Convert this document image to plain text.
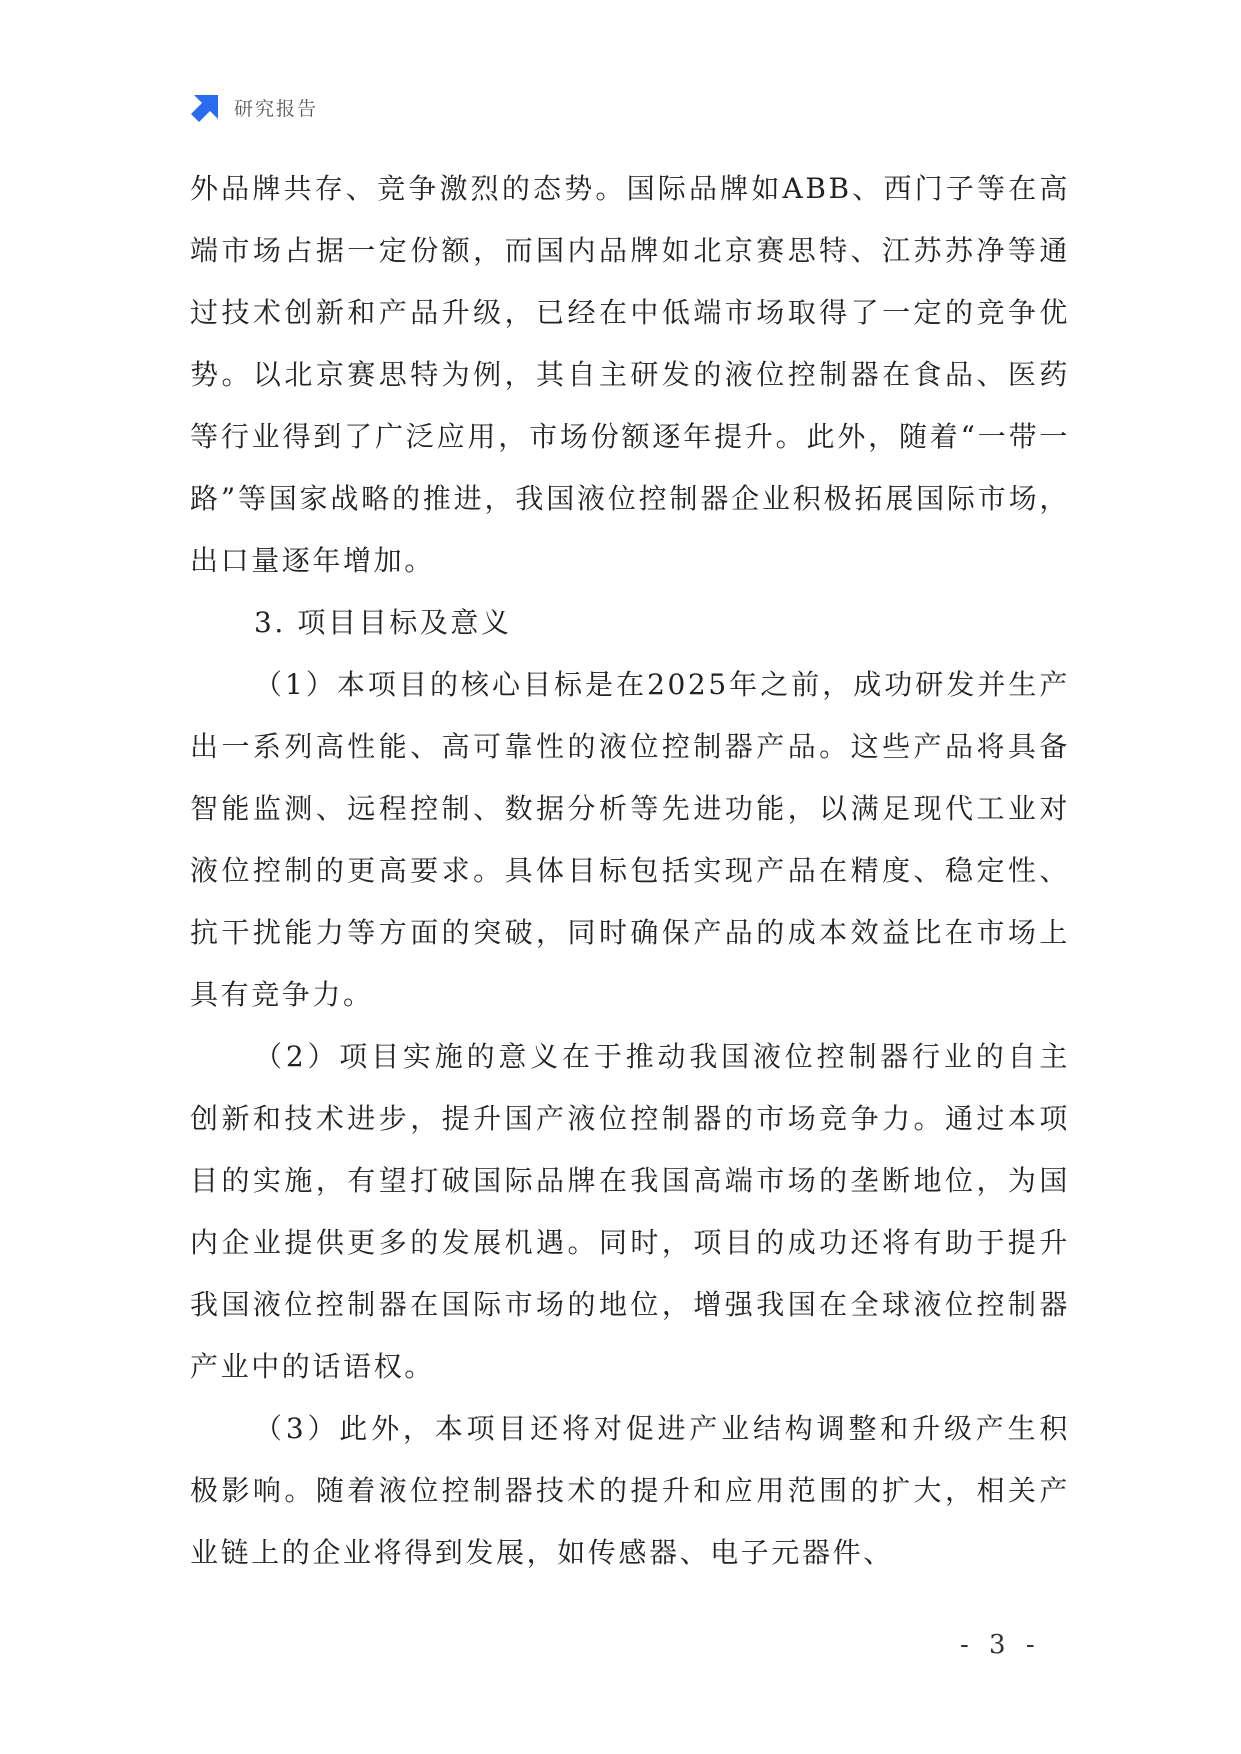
研究报告

外品牌共存、竞争激烈的态势。国际品牌如ABB、西门子等在高端市场占据一定份额，而国内品牌如北京赛思特、江苏苏净等通过技术创新和产品升级，已经在中低端市场取得了一定的竞争优势。以北京赛思特为例，其自主研发的液位控制器在食品、医药等行业得到了广泛应用，市场份额逐年提升。此外，随着“一带一路”等国家战略的推进，我国液位控制器企业积极拓展国际市场，出口量逐年增加。

3. 项目目标及意义

（1）本项目的核心目标是在2025年之前，成功研发并生产出一系列高性能、高可靠性的液位控制器产品。这些产品将具备智能监测、远程控制、数据分析等先进功能，以满足现代工业对液位控制的更高要求。具体目标包括实现产品在精度、稳定性、抗干扰能力等方面的突破，同时确保产品的成本效益比在市场上具有竞争力。

（2）项目实施的意义在于推动我国液位控制器行业的自主创新和技术进步，提升国产液位控制器的市场竞争力。通过本项目的实施，有望打破国际品牌在我国高端市场的垄断地位，为国内企业提供更多的发展机遇。同时，项目的成功还将有助于提升我国液位控制器在国际市场的地位，增强我国在全球液位控制器产业中的话语权。

（3）此外，本项目还将对促进产业结构调整和升级产生积极影响。随着液位控制器技术的提升和应用范围的扩大，相关产业链上的企业将得到发展，如传感器、电子元器件、

- 3 -
